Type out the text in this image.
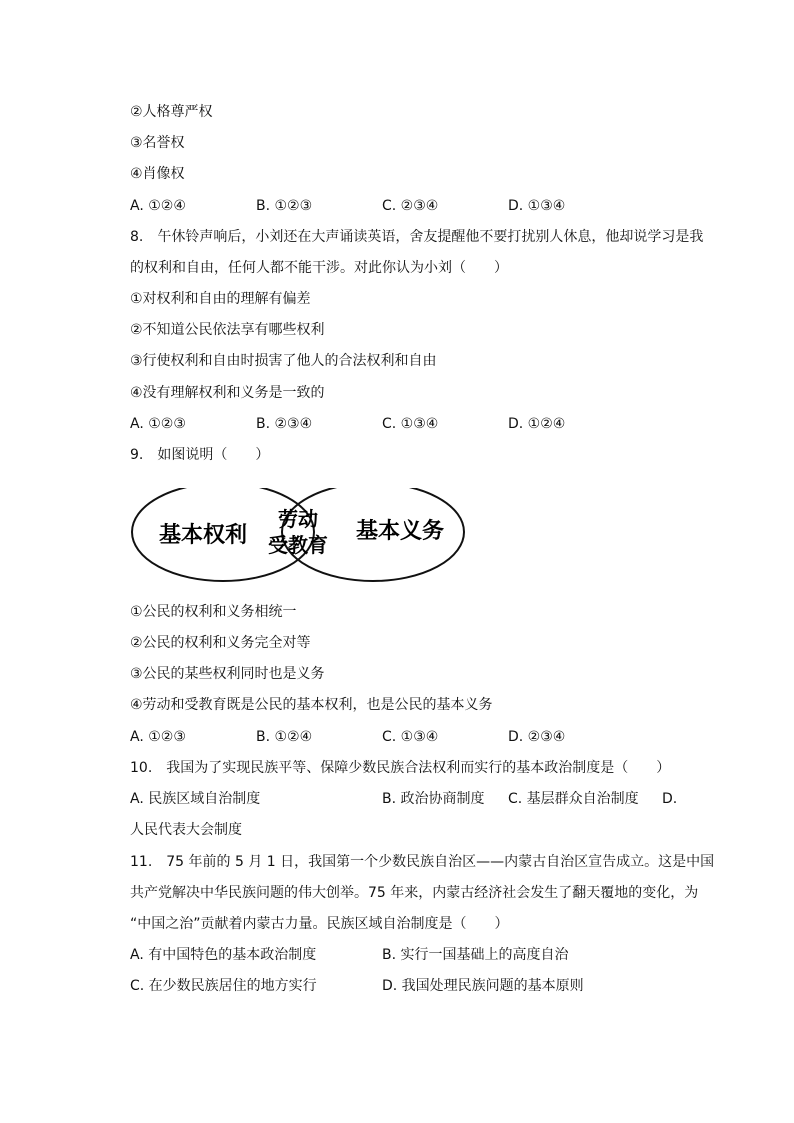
②人格尊严权
③名誉权
④肖像权
A. ①②④	B. ①②③	C. ②③④	D. ①③④
8.　午休铃声响后，小刘还在大声诵读英语，舍友提醒他不要打扰别人休息，他却说学习是我
的权利和自由，任何人都不能干涉。对此你认为小刘（　　）
①对权利和自由的理解有偏差
②不知道公民依法享有哪些权利
③行使权利和自由时损害了他人的合法权利和自由
④没有理解权利和义务是一致的
A. ①②③	B. ②③④	C. ①③④	D. ①②④
9.　如图说明（　　）
基本权利	基本义务
劳动
受教育
①公民的权利和义务相统一
②公民的权利和义务完全对等
③公民的某些权利同时也是义务
④劳动和受教育既是公民的基本权利，也是公民的基本义务
A. ①②③	B. ①②④	C. ①③④	D. ②③④
10.　我国为了实现民族平等、保障少数民族合法权利而实行的基本政治制度是（　　）
A. 民族区域自治制度	B. 政治协商制度 C. 基层群众自治制度 D.
人民代表大会制度
11.　75 年前的 5 月 1 日，我国第一个少数民族自治区——内蒙古自治区宣告成立。这是中国
共产党解决中华民族问题的伟大创举。75 年来，内蒙古经济社会发生了翻天覆地的变化，为
“中国之治”贡献着内蒙古力量。民族区域自治制度是（　　）
A. 有中国特色的基本政治制度	B. 实行一国基础上的高度自治
C. 在少数民族居住的地方实行	D. 我国处理民族问题的基本原则
